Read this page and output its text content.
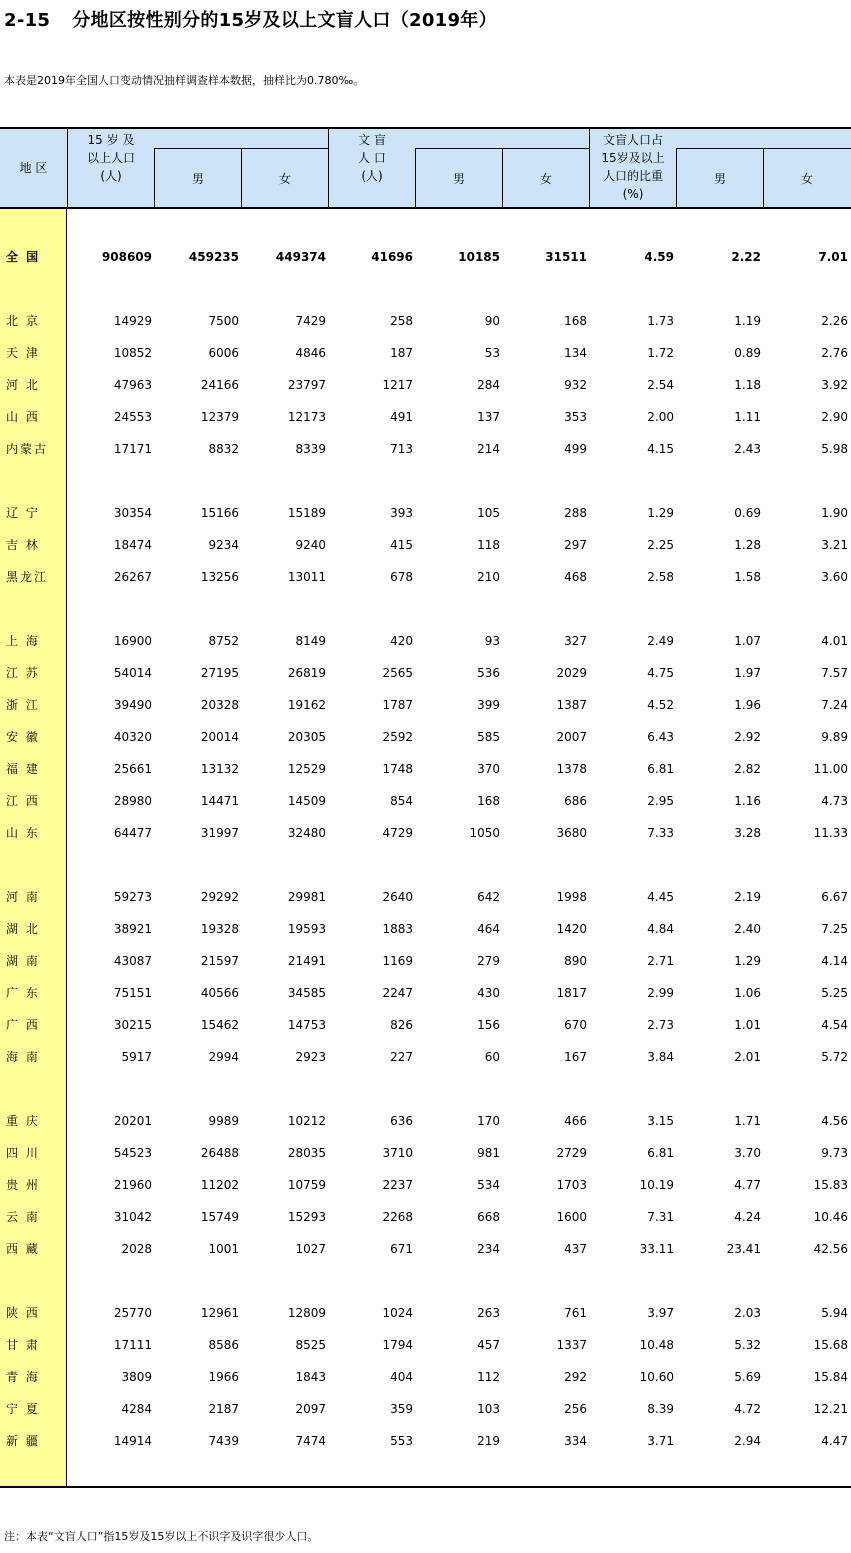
2-15 分地区按性别分的15岁及以上文盲人口（2019年）
本表是2019年全国人口变动情况抽样调查样本数据，抽样比为0.780‰。
地 区
15 岁 及
以上人口
(人)	男	女
文 盲
人 口
(人)	男	女
文盲人口占
15岁及以上
人口的比重
(%)
男	女
全 国	908609	459235	449374	41696	10185	31511	4.59	2.22	7.01
北 京	14929	7500	7429	258	90	168	1.73	1.19	2.26
天 津	10852	6006	4846	187	53	134	1.72	0.89	2.76
河 北	47963	24166	23797	1217	284	932	2.54	1.18	3.92
山 西	24553	12379	12173	491	137	353	2.00	1.11	2.90
内蒙古	17171	8832	8339	713	214	499	4.15	2.43	5.98
辽 宁	30354	15166	15189	393	105	288	1.29	0.69	1.90
吉 林	18474	9234	9240	415	118	297	2.25	1.28	3.21
黑龙江	26267	13256	13011	678	210	468	2.58	1.58	3.60
上 海	16900	8752	8149	420	93	327	2.49	1.07	4.01
江 苏	54014	27195	26819	2565	536	2029	4.75	1.97	7.57
浙 江	39490	20328	19162	1787	399	1387	4.52	1.96	7.24
安 徽	40320	20014	20305	2592	585	2007	6.43	2.92	9.89
福 建	25661	13132	12529	1748	370	1378	6.81	2.82	11.00
江 西	28980	14471	14509	854	168	686	2.95	1.16	4.73
山 东	64477	31997	32480	4729	1050	3680	7.33	3.28	11.33
河 南	59273	29292	29981	2640	642	1998	4.45	2.19	6.67
湖 北	38921	19328	19593	1883	464	1420	4.84	2.40	7.25
湖 南	43087	21597	21491	1169	279	890	2.71	1.29	4.14
广 东	75151	40566	34585	2247	430	1817	2.99	1.06	5.25
广 西	30215	15462	14753	826	156	670	2.73	1.01	4.54
海 南	5917	2994	2923	227	60	167	3.84	2.01	5.72
重 庆	20201	9989	10212	636	170	466	3.15	1.71	4.56
四 川	54523	26488	28035	3710	981	2729	6.81	3.70	9.73
贵 州	21960	11202	10759	2237	534	1703	10.19	4.77	15.83
云 南	31042	15749	15293	2268	668	1600	7.31	4.24	10.46
西 藏	2028	1001	1027	671	234	437	33.11	23.41	42.56
陕 西	25770	12961	12809	1024	263	761	3.97	2.03	5.94
甘 肃	17111	8586	8525	1794	457	1337	10.48	5.32	15.68
青 海	3809	1966	1843	404	112	292	10.60	5.69	15.84
宁 夏	4284	2187	2097	359	103	256	8.39	4.72	12.21
新 疆	14914	7439	7474	553	219	334	3.71	2.94	4.47
注：本表“文盲人口”指15岁及15岁以上不识字及识字很少人口。
